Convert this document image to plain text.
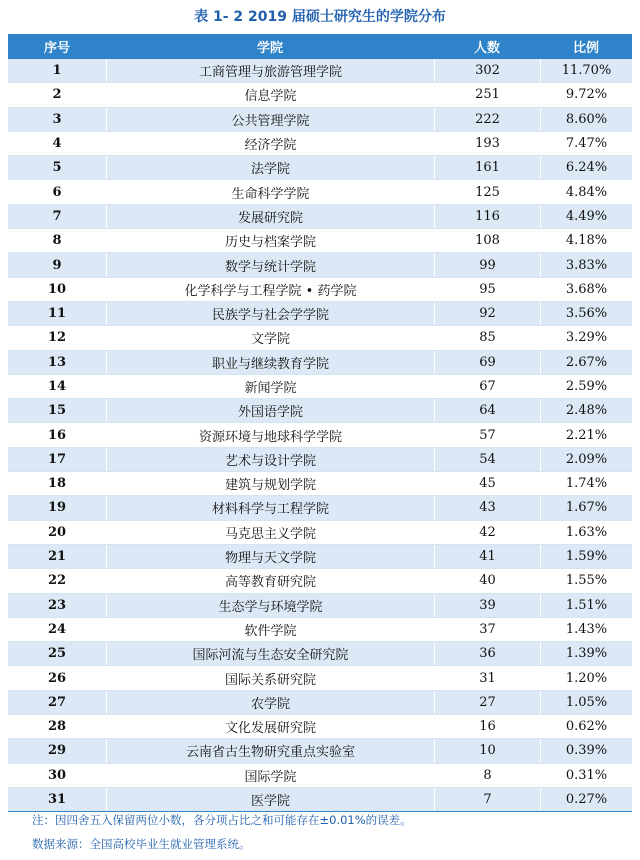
表 1- 2 2019 届硕士研究生的学院分布
序号	学院	人数	比例
1	工商管理与旅游管理学院	302	11.70%
2	信息学院	251	9.72%
3	公共管理学院	222	8.60%
4	经济学院	193	7.47%
5	法学院	161	6.24%
6	生命科学学院	125	4.84%
7	发展研究院	116	4.49%
8	历史与档案学院	108	4.18%
9	数学与统计学院	99	3.83%
10	化学科学与工程学院 • 药学院	95	3.68%
11	民族学与社会学学院	92	3.56%
12	文学院	85	3.29%
13	职业与继续教育学院	69	2.67%
14	新闻学院	67	2.59%
15	外国语学院	64	2.48%
16	资源环境与地球科学学院	57	2.21%
17	艺术与设计学院	54	2.09%
18	建筑与规划学院	45	1.74%
19	材料科学与工程学院	43	1.67%
20	马克思主义学院	42	1.63%
21	物理与天文学院	41	1.59%
22	高等教育研究院	40	1.55%
23	生态学与环境学院	39	1.51%
24	软件学院	37	1.43%
25	国际河流与生态安全研究院	36	1.39%
26	国际关系研究院	31	1.20%
27	农学院	27	1.05%
28	文化发展研究院	16	0.62%
29	云南省古生物研究重点实验室	10	0.39%
30	国际学院	8	0.31%
31	医学院	7	0.27%
注：因四舍五入保留两位小数，各分项占比之和可能存在±0.01%的误差。
数据来源：全国高校毕业生就业管理系统。
